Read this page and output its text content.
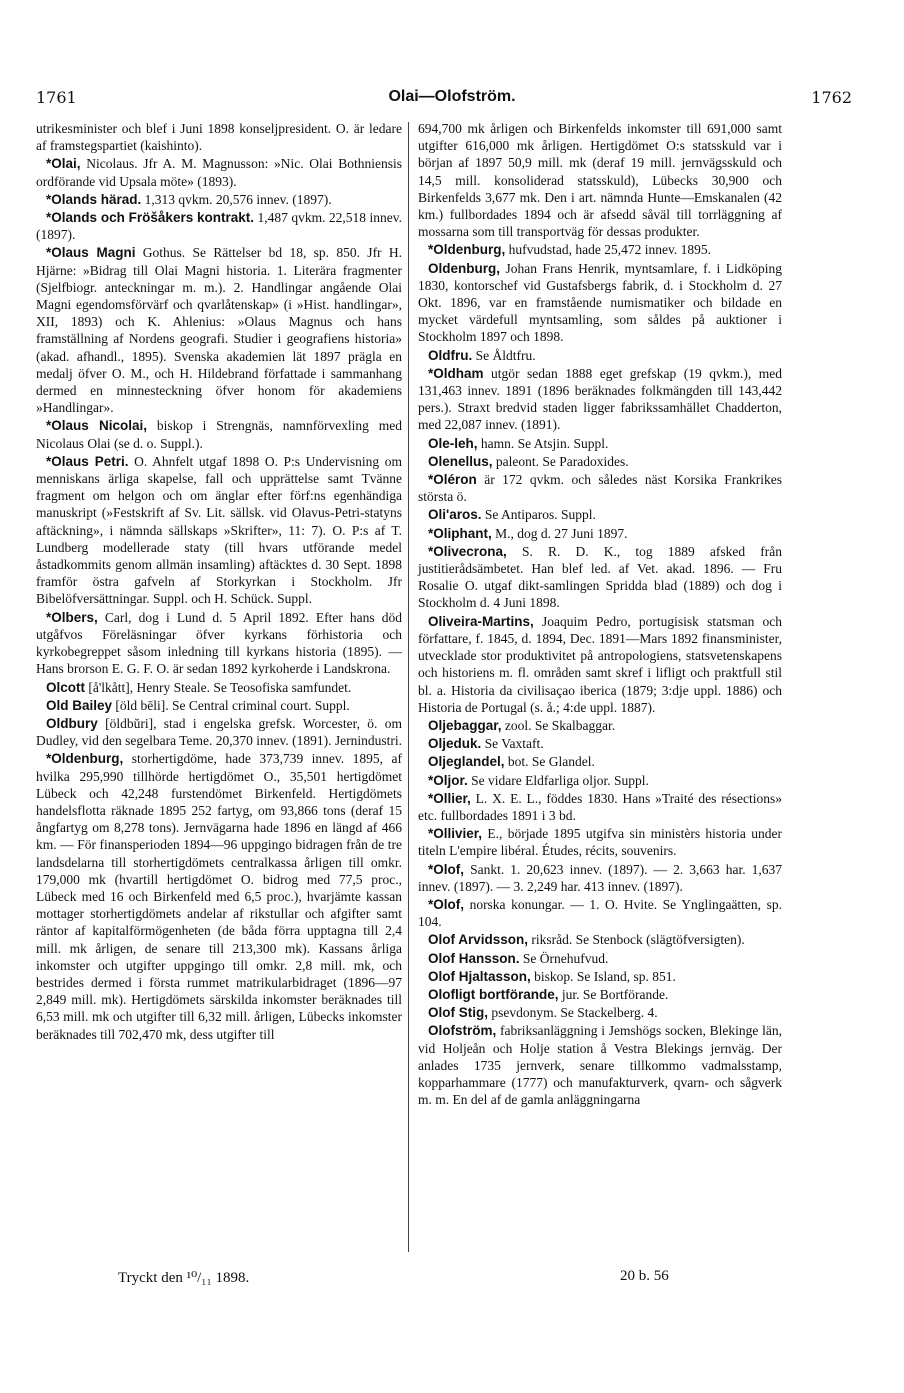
1761	Olai—Olofström.	1762

utrikesminister och blef i Juni 1898 konseljpresident. O. är ledare af framstegspartiet (kaishinto).

*Olai, Nicolaus. Jfr A. M. Magnusson: »Nic. Olai Bothniensis ordförande vid Upsala möte» (1893).

*Olands härad. 1,313 qvkm. 20,576 innev. (1897).

*Olands och Fröšåkers kontrakt. 1,487 qvkm. 22,518 innev. (1897).

*Olaus Magni Gothus. Se Rättelser bd 18, sp. 850. Jfr H. Hjärne: »Bidrag till Olai Magni historia. 1. Literära fragmenter (Sjelfbiogr. anteckningar m. m.). 2. Handlingar angående Olai Magni egendomsförvärf och qvarlåtenskap» (i »Hist. handlingar», XII, 1893) och K. Ahlenius: »Olaus Magnus och hans framställning af Nordens geografi. Studier i geografiens historia» (akad. afhandl., 1895). Svenska akademien lät 1897 prägla en medalj öfver O. M., och H. Hildebrand författade i sammanhang dermed en minnesteckning öfver honom för akademiens »Handlingar».

*Olaus Nicolai, biskop i Strengnäs, namnförvexling med Nicolaus Olai (se d. o. Suppl.).

*Olaus Petri. O. Ahnfelt utgaf 1898 O. P:s Undervisning om menniskans ärliga skapelse, fall och upprättelse samt Tvänne fragment om helgon och om änglar efter förf:ns egenhändiga manuskript (»Festskrift af Sv. Lit. sällsk. vid Olavus-Petri-statyns aftäckning», i nämnda sällskaps »Skrifter», 11: 7). O. P:s af T. Lundberg modellerade staty (till hvars utförande medel åstadkommits genom allmän insamling) aftäcktes d. 30 Sept. 1898 framför östra gafveln af Storkyrkan i Stockholm. Jfr Bibelöfversättningar. Suppl. och H. Schück. Suppl.

*Olbers, Carl, dog i Lund d. 5 April 1892. Efter hans död utgåfvos Föreläsningar öfver kyrkans förhistoria och kyrkobegreppet såsom inledning till kyrkans historia (1895). — Hans brorson E. G. F. O. är sedan 1892 kyrkoherde i Landskrona.

Olcott [å'lkått], Henry Steale. Se Teosofiska samfundet.

Old Bailey [öld bēli]. Se Central criminal court. Suppl.

Oldbury [öldbŭri], stad i engelska grefsk. Worcester, ö. om Dudley, vid den segelbara Teme. 20,370 innev. (1891). Jernindustri.

*Oldenburg, storhertigdöme, hade 373,739 innev. 1895, af hvilka 295,990 tillhörde hertigdömet O., 35,501 hertigdömet Lübeck och 42,248 furstendömet Birkenfeld. Hertigdömets handelsflotta räknade 1895 252 fartyg, om 93,866 tons (deraf 15 ångfartyg om 8,278 tons). Jernvägarna hade 1896 en längd af 466 km. — För finansperioden 1894—96 uppgingo bidragen från de tre landsdelarna till storhertigdömets centralkassa årligen till omkr. 179,000 mk (hvartill hertigdömet O. bidrog med 77,5 proc., Lübeck med 16 och Birkenfeld med 6,5 proc.), hvarjämte kassan mottager storhertigdömets andelar af rikstullar och afgifter samt räntor af kapitalförmögenheten (de båda förra upptagna till 2,4 mill. mk årligen, de senare till 213,300 mk). Kassans årliga inkomster och utgifter uppgingo till omkr. 2,8 mill. mk, och bestrides dermed i första rummet matrikularbidraget (1896—97 2,849 mill. mk). Hertigdömets särskilda inkomster beräknades till 6,53 mill. mk och utgifter till 6,32 mill. årligen, Lübecks inkomster beräknades till 702,470 mk, dess utgifter till

694,700 mk årligen och Birkenfelds inkomster till 691,000 samt utgifter 616,000 mk årligen. Hertigdömet O:s statsskuld var i början af 1897 50,9 mill. mk (deraf 19 mill. jernvägsskuld och 14,5 mill. konsoliderad statsskuld), Lübecks 30,900 och Birkenfelds 3,677 mk. Den i art. nämnda Hunte—Emskanalen (42 km.) fullbordades 1894 och är afsedd såväl till torrläggning af mossarna som till transportväg för dessas produkter.

*Oldenburg, hufvudstad, hade 25,472 innev. 1895.

Oldenburg, Johan Frans Henrik, myntsamlare, f. i Lidköping 1830, kontorschef vid Gustafsbergs fabrik, d. i Stockholm d. 27 Okt. 1896, var en framstående numismatiker och bildade en mycket värdefull myntsamling, som såldes på auktioner i Stockholm 1897 och 1898.

Oldfru. Se Åldtfru.

*Oldham utgör sedan 1888 eget grefskap (19 qvkm.), med 131,463 innev. 1891 (1896 beräknades folkmängden till 143,442 pers.). Straxt bredvid staden ligger fabrikssamhället Chadderton, med 22,087 innev. (1891).

Ole-leh, hamn. Se Atsjin. Suppl.

Olenellus, paleont. Se Paradoxides.

*Oléron är 172 qvkm. och således näst Korsika Frankrikes största ö.

Oli'aros. Se Antiparos. Suppl.

*Oliphant, M., dog d. 27 Juni 1897.

*Olivecrona, S. R. D. K., tog 1889 afsked från justitierådsämbetet. Han blef led. af Vet. akad. 1896. — Fru Rosalie O. utgaf dikt-samlingen Spridda blad (1889) och dog i Stockholm d. 4 Juni 1898.

Oliveira-Martins, Joaquim Pedro, portugisisk statsman och författare, f. 1845, d. 1894, Dec. 1891—Mars 1892 finansminister, utvecklade stor produktivitet på antropologiens, statsvetenskapens och historiens m. fl. områden samt skref i lifligt och praktfull stil bl. a. Historia da civilisaçao iberica (1879; 3:dje uppl. 1886) och Historia de Portugal (s. å.; 4:de uppl. 1887).

Oljebaggar, zool. Se Skalbaggar.

Oljeduk. Se Vaxtaft.

Oljeglandel, bot. Se Glandel.

*Oljor. Se vidare Eldfarliga oljor. Suppl.

*Ollier, L. X. E. L., föddes 1830. Hans »Traité des résections» etc. fullbordades 1891 i 3 bd.

*Ollivier, E., började 1895 utgifva sin ministèrs historia under titeln L'empire libéral. Études, récits, souvenirs.

*Olof, Sankt. 1. 20,623 innev. (1897). — 2. 3,663 har. 1,637 innev. (1897). — 3. 2,249 har. 413 innev. (1897).

*Olof, norska konungar. — 1. O. Hvite. Se Ynglingaätten, sp. 104.

Olof Arvidsson, riksråd. Se Stenbock (slägtöfversigten).

Olof Hansson. Se Örnehufvud.

Olof Hjaltasson, biskop. Se Island, sp. 851.

Olofligt bortförande, jur. Se Bortförande.

Olof Stig, psevdonym. Se Stackelberg. 4.

Olofström, fabriksanläggning i Jemshögs socken, Blekinge län, vid Holjeån och Holje station å Vestra Blekings jernväg. Der anlades 1735 jernverk, senare tillkommo vadmalsstamp, kopparhammare (1777) och manufakturverk, qvarn- och sågverk m. m. En del af de gamla anläggningarna

Tryckt den ¹⁰/₁₁ 1898.	20 b. 56
